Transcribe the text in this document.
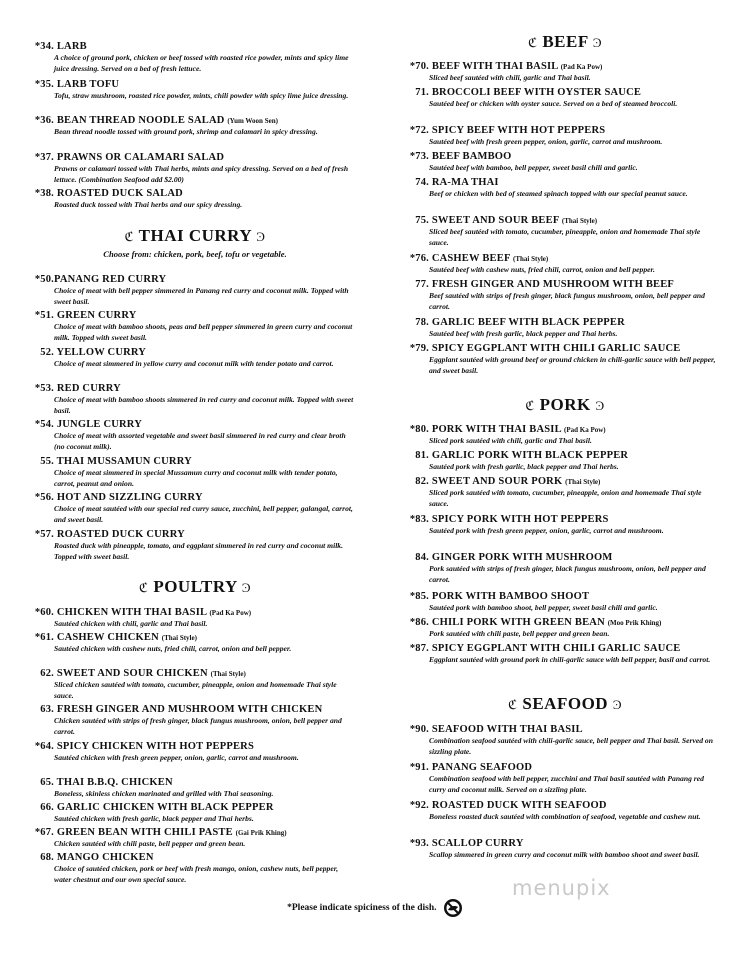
*34. LARB
A choice of ground pork, chicken or beef tossed with roasted rice powder, mints and spicy lime juice dressing. Served on a bed of fresh lettuce.
*35. LARB TOFU
Tofu, straw mushroom, roasted rice powder, mints, chili powder with spicy lime juice dressing.
*36. BEAN THREAD NOODLE SALAD (Yum Woon Sen)
Bean thread noodle tossed with ground pork, shrimp and calamari in spicy dressing.
*37. PRAWNS OR CALAMARI SALAD
Prawns or calamari tossed with Thai herbs, mints and spicy dressing. Served on a bed of fresh lettuce. (Combination Seafood add $2.00)
*38. ROASTED DUCK SALAD
Roasted duck tossed with Thai herbs and our spicy dressing.
ℭ THAI CURRY Ͽ
Choose from: chicken, pork, beef, tofu or vegetable.
*50.PANANG RED CURRY
Choice of meat with bell pepper simmered in Panang red curry and coconut milk. Topped with sweet basil.
*51. GREEN CURRY
Choice of meat with bamboo shoots, peas and bell pepper simmered in green curry and coconut milk. Topped with sweet basil.
52. YELLOW CURRY
Choice of meat simmered in yellow curry and coconut milk with tender potato and carrot.
*53. RED CURRY
Choice of meat with bamboo shoots simmered in red curry and coconut milk. Topped with sweet basil.
*54. JUNGLE CURRY
Choice of meat with assorted vegetable and sweet basil simmered in red curry and clear broth (no coconut milk).
55. THAI MUSSAMUN CURRY
Choice of meat simmered in special Mussamun curry and coconut milk with tender potato, carrot, peanut and onion.
*56. HOT AND SIZZLING CURRY
Choice of meat sautéed with our special red curry sauce, zucchini, bell pepper, galangal, carrot, and sweet basil.
*57. ROASTED DUCK CURRY
Roasted duck with pineapple, tomato, and eggplant simmered in red curry and coconut milk. Topped with sweet basil.
ℭ POULTRY Ͽ
*60. CHICKEN WITH THAI BASIL (Pad Ka Pow)
Sautéed chicken with chili, garlic and Thai basil.
*61. CASHEW CHICKEN (Thai Style)
Sautéed chicken with cashew nuts, fried chili, carrot, onion and bell pepper.
62. SWEET AND SOUR CHICKEN (Thai Style)
Sliced chicken sautéed with tomato, cucumber, pineapple, onion and homemade Thai style sauce.
63. FRESH GINGER AND MUSHROOM WITH CHICKEN
Chicken sautéed with strips of fresh ginger, black fungus mushroom, onion, bell pepper and carrot.
*64. SPICY CHICKEN WITH HOT PEPPERS
Sautéed chicken with fresh green pepper, onion, garlic, carrot and mushroom.
65. THAI B.B.Q. CHICKEN
Boneless, skinless chicken marinated and grilled with Thai seasoning.
66. GARLIC CHICKEN WITH BLACK PEPPER
Sautéed chicken with fresh garlic, black pepper and Thai herbs.
*67. GREEN BEAN WITH CHILI PASTE (Gai Prik Khing)
Chicken sautéed with chili paste, bell pepper and green bean.
68. MANGO CHICKEN
Choice of sautéed chicken, pork or beef with fresh mango, onion, cashew nuts, bell pepper, water chestnut and our own special sauce.
ℭ BEEF Ͽ
*70. BEEF WITH THAI BASIL (Pad Ka Pow)
Sliced beef sautéed with chili, garlic and Thai basil.
71. BROCCOLI BEEF WITH OYSTER SAUCE
Sautéed beef or chicken with oyster sauce. Served on a bed of steamed broccoli.
*72. SPICY BEEF WITH HOT PEPPERS
Sautéed beef with fresh green pepper, onion, garlic, carrot and mushroom.
*73. BEEF BAMBOO
Sautéed beef with bamboo, bell pepper, sweet basil chili and garlic.
74. RA-MA THAI
Beef or chicken with bed of steamed spinach topped with our special peanut sauce.
75. SWEET AND SOUR BEEF (Thai Style)
Sliced beef sautéed with tomato, cucumber, pineapple, onion and homemade Thai style sauce.
*76. CASHEW BEEF (Thai Style)
Sautéed beef with cashew nuts, fried chili, carrot, onion and bell pepper.
77. FRESH GINGER AND MUSHROOM WITH BEEF
Beef sautéed with strips of fresh ginger, black fungus mushroom, onion, bell pepper and carrot.
78. GARLIC BEEF WITH BLACK PEPPER
Sautéed beef with fresh garlic, black pepper and Thai herbs.
*79. SPICY EGGPLANT WITH CHILI GARLIC SAUCE
Eggplant sautéed with ground beef or ground chicken in chili-garlic sauce with bell pepper, and sweet basil.
ℭ PORK Ͽ
*80. PORK WITH THAI BASIL (Pad Ka Pow)
Sliced pork sautéed with chili, garlic and Thai basil.
81. GARLIC PORK WITH BLACK PEPPER
Sautéed pork with fresh garlic, black pepper and Thai herbs.
82. SWEET AND SOUR PORK (Thai Style)
Sliced pork sautéed with tomato, cucumber, pineapple, onion and homemade Thai style sauce.
*83. SPICY PORK WITH HOT PEPPERS
Sautéed pork with fresh green pepper, onion, garlic, carrot and mushroom.
84. GINGER PORK WITH MUSHROOM
Pork sautéed with strips of fresh ginger, black fungus mushroom, onion, bell pepper and carrot.
*85. PORK WITH BAMBOO SHOOT
Sautéed pork with bamboo shoot, bell pepper, sweet basil chili and garlic.
*86. CHILI PORK WITH GREEN BEAN (Moo Prik Khing)
Pork sautéed with chili paste, bell pepper and green bean.
*87. SPICY EGGPLANT WITH CHILI GARLIC SAUCE
Eggplant sautéed with ground pork in chili-garlic sauce with bell pepper, basil and carrot.
ℭ SEAFOOD Ͽ
*90. SEAFOOD WITH THAI BASIL
Combination seafood sautéed with chili-garlic sauce, bell pepper and Thai basil. Served on sizzling plate.
*91. PANANG SEAFOOD
Combination seafood with bell pepper, zucchini and Thai basil sautéed with Panang red curry and coconut milk. Served on a sizzling plate.
*92. ROASTED DUCK WITH SEAFOOD
Boneless roasted duck sautéed with combination of seafood, vegetable and cashew nut.
*93. SCALLOP CURRY
Scallop simmered in green curry and coconut milk with bamboo shoot and sweet basil.
menupix
*Please indicate spiciness of the dish.
